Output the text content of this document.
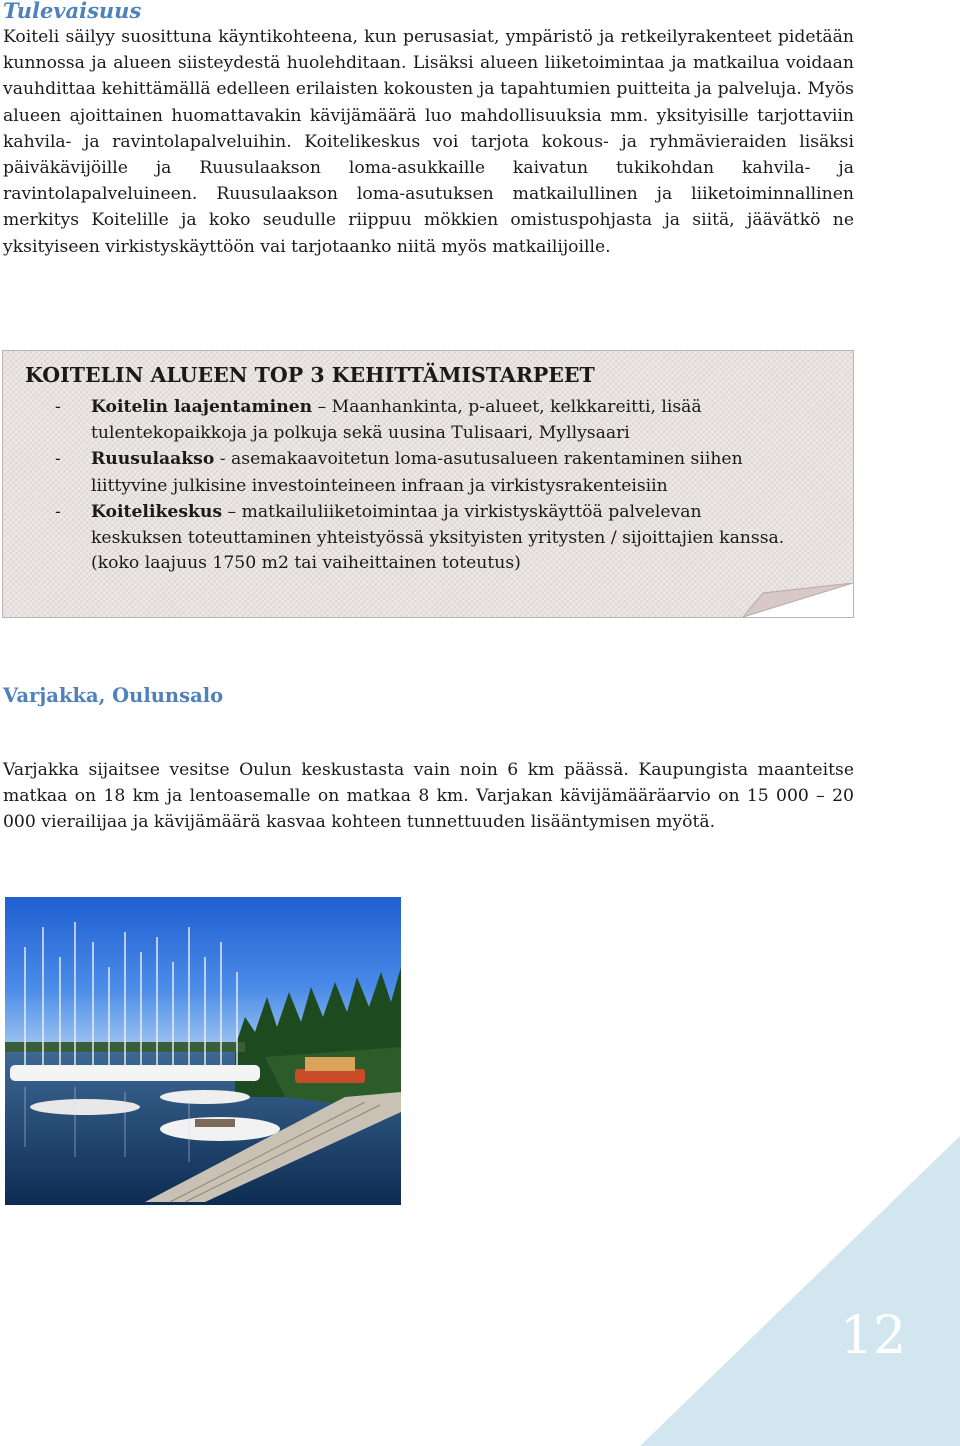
Tulevaisuus

Koiteli säilyy suosittuna käyntikohteena, kun perusasiat, ympäristö ja retkeilyrakenteet pidetään kunnossa ja alueen siisteydestä huolehditaan. Lisäksi alueen liiketoimintaa ja matkailua voidaan vauhdittaa kehittämällä edelleen erilaisten kokousten ja tapahtumien puitteita ja palveluja. Myös alueen ajoittainen huomattavakin kävijämäärä luo mahdollisuuksia mm. yksityisille tarjottaviin kahvila- ja ravintolapalveluihin. Koitelikeskus voi tarjota kokous- ja ryhmävieraiden lisäksi päiväkävijöille ja Ruusulaakson loma-asukkaille kaivatun tukikohdan kahvila- ja ravintolapalveluineen. Ruusulaakson loma-asutuksen matkailullinen ja liiketoiminnallinen merkitys Koitelille ja koko seudulle riippuu mökkien omistuspohjasta ja siitä, jäävätkö ne yksityiseen virkistyskäyttöön vai tarjotaanko niitä myös matkailijoille.

KOITELIN ALUEEN TOP 3 KEHITTÄMISTARPEET
- Koitelin laajentaminen – Maanhankinta, p-alueet, kelkkareitti, lisää tulentekopaikkoja ja polkuja sekä uusina Tulisaari, Myllysaari
- Ruusulaakso - asemakaavoitetun loma-asutusalueen rakentaminen siihen liittyvine julkisine investointeineen infraan ja virkistysrakenteisiin
- Koitelikeskus – matkailuliiketoimintaa ja virkistyskäyttöä palvelevan keskuksen toteuttaminen yhteistyössä yksityisten yritysten / sijoittajien kanssa.
(koko laajuus 1750 m2 tai vaiheittainen toteutus)
Varjakka, Oulunsalo

Varjakka sijaitsee vesitse Oulun keskustasta vain noin 6 km päässä. Kaupungista maanteitse matkaa on 18 km ja lentoasemalle on matkaa 8 km. Varjakan kävijämääräarvio on 15 000 – 20 000 vierailijaa ja kävijämäärä kasvaa kohteen tunnettuuden lisääntymisen myötä.

12
